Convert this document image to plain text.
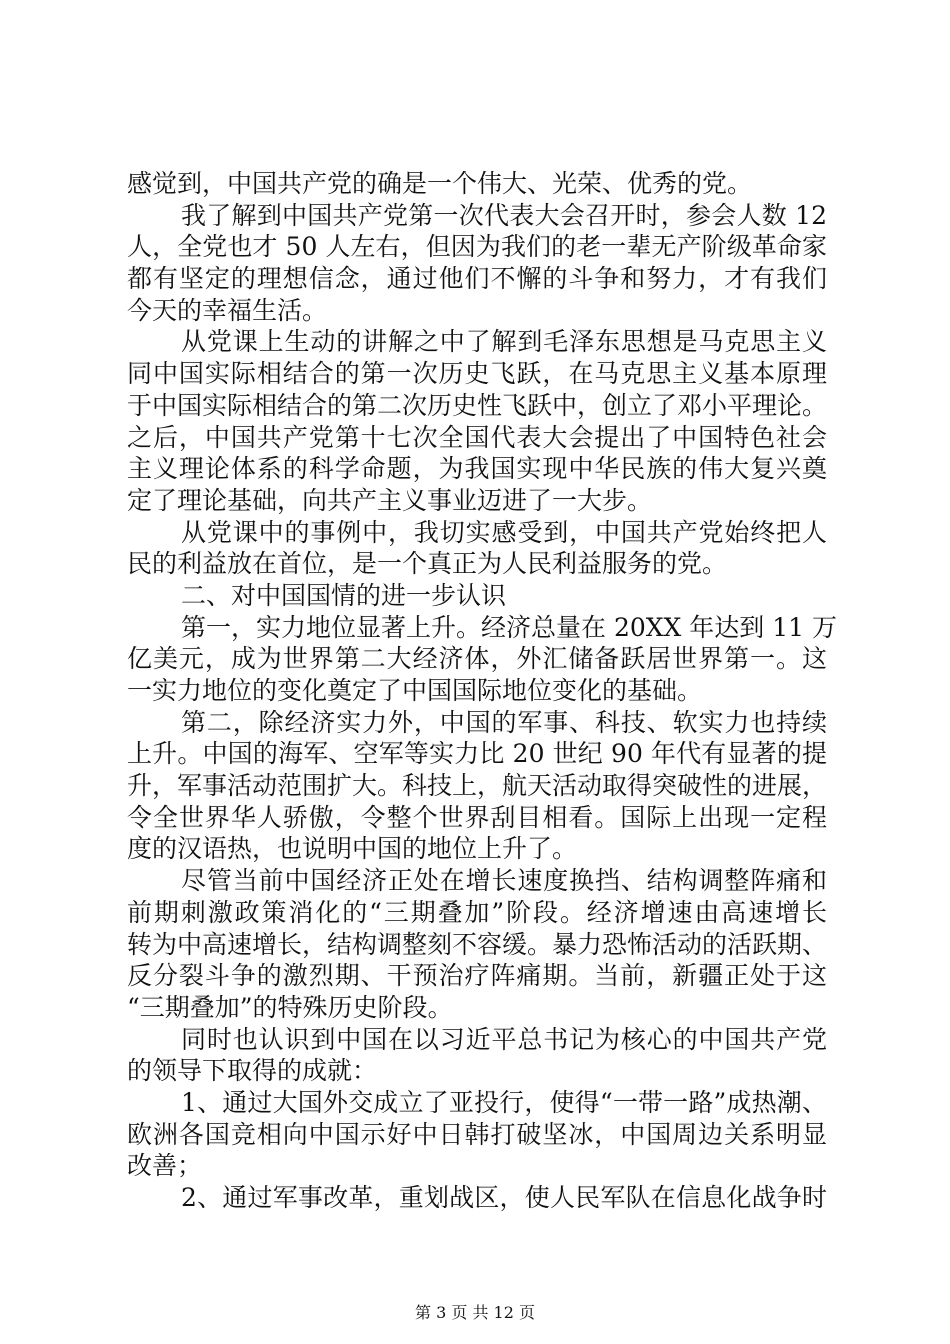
感觉到，中国共产党的确是一个伟大、光荣、优秀的党。
我了解到中国共产党第一次代表大会召开时，参会人数 12
人，全党也才 50 人左右，但因为我们的老一辈无产阶级革命家
都有坚定的理想信念，通过他们不懈的斗争和努力，才有我们
今天的幸福生活。
从党课上生动的讲解之中了解到毛泽东思想是马克思主义
同中国实际相结合的第一次历史飞跃，在马克思主义基本原理
于中国实际相结合的第二次历史性飞跃中，创立了邓小平理论。
之后，中国共产党第十七次全国代表大会提出了中国特色社会
主义理论体系的科学命题，为我国实现中华民族的伟大复兴奠
定了理论基础，向共产主义事业迈进了一大步。
从党课中的事例中，我切实感受到，中国共产党始终把人
民的利益放在首位，是一个真正为人民利益服务的党。
二、对中国国情的进一步认识
第一，实力地位显著上升。经济总量在 20XX 年达到 11 万
亿美元，成为世界第二大经济体，外汇储备跃居世界第一。这
一实力地位的变化奠定了中国国际地位变化的基础。
第二，除经济实力外，中国的军事、科技、软实力也持续
上升。中国的海军、空军等实力比 20 世纪 90 年代有显著的提
升，军事活动范围扩大。科技上，航天活动取得突破性的进展，
令全世界华人骄傲，令整个世界刮目相看。国际上出现一定程
度的汉语热，也说明中国的地位上升了。
尽管当前中国经济正处在增长速度换挡、结构调整阵痛和
前期刺激政策消化的“三期叠加”阶段。经济增速由高速增长
转为中高速增长，结构调整刻不容缓。暴力恐怖活动的活跃期、
反分裂斗争的激烈期、干预治疗阵痛期。当前，新疆正处于这
“三期叠加”的特殊历史阶段。
同时也认识到中国在以习近平总书记为核心的中国共产党
的领导下取得的成就：
1、通过大国外交成立了亚投行，使得“一带一路”成热潮、
欧洲各国竞相向中国示好中日韩打破坚冰，中国周边关系明显
改善；
2、通过军事改革，重划战区，使人民军队在信息化战争时
第 3 页 共 12 页
